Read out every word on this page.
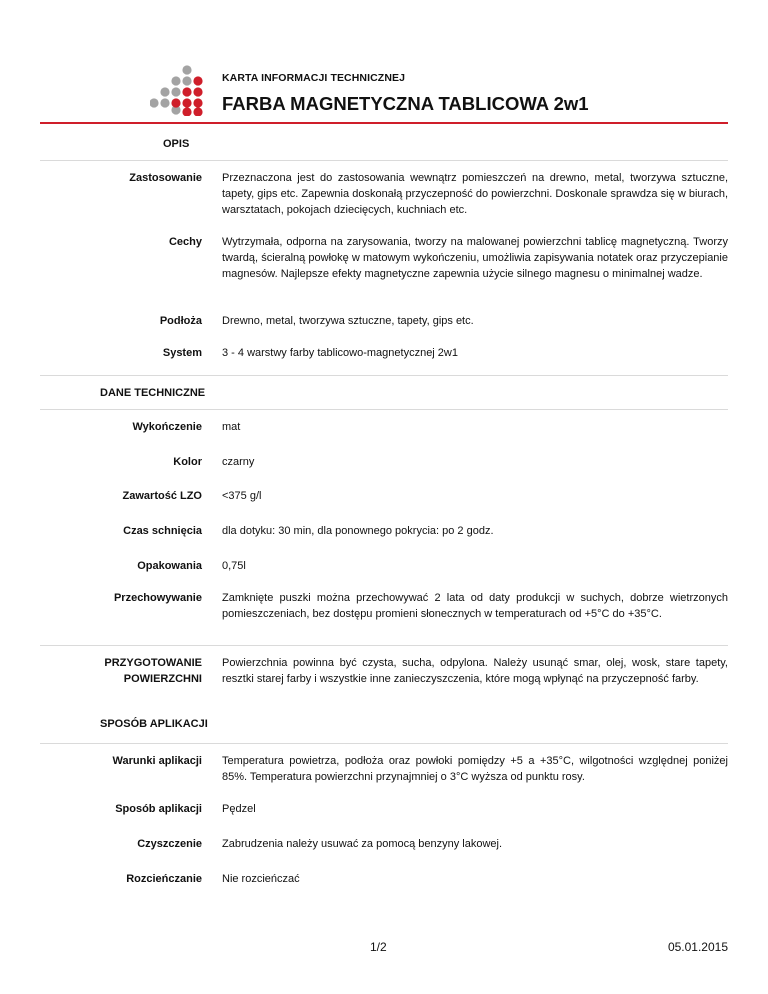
KARTA INFORMACJI TECHNICZNEJ
FARBA MAGNETYCZNA TABLICOWA 2w1
OPIS
Zastosowanie Przeznaczona jest do zastosowania wewnątrz pomieszczeń na drewno, metal, tworzywa sztuczne, tapety, gips etc. Zapewnia doskonałą przyczepność do powierzchni. Doskonale sprawdza się w biurach, warsztatach, pokojach dziecięcych, kuchniach etc.
Cechy Wytrzymała, odporna na zarysowania, tworzy na malowanej powierzchni tablicę magnetyczną. Tworzy twardą, ścieralną powłokę w matowym wykończeniu, umożliwia zapisywania notatek oraz przyczepianie magnesów. Najlepsze efekty magnetyczne zapewnia użycie silnego magnesu o minimalnej wadze.
Podłoża Drewno, metal, tworzywa sztuczne, tapety, gips etc.
System 3 - 4 warstwy farby tablicowo-magnetycznej 2w1
DANE TECHNICZNE
Wykończenie mat
Kolor czarny
Zawartość LZO <375 g/l
Czas schnięcia dla dotyku: 30 min, dla ponownego pokrycia: po 2 godz.
Opakowania 0,75l
Przechowywanie Zamknięte puszki można przechowywać 2 lata od daty produkcji w suchych, dobrze wietrzonych pomieszczeniach, bez dostępu promieni słonecznych w temperaturach od +5°C do +35°C.
PRZYGOTOWANIE POWIERZCHNI
Powierzchnia powinna być czysta, sucha, odpylona. Należy usunąć smar, olej, wosk, stare tapety, resztki starej farby i wszystkie inne zanieczyszczenia, które mogą wpłynąć na przyczepność farby.
SPOSÓB APLIKACJI
Warunki aplikacji Temperatura powietrza, podłoża oraz powłoki pomiędzy +5 a +35°C, wilgotności względnej poniżej 85%. Temperatura powierzchni przynajmniej o 3°C wyższa od punktu rosy.
Sposób aplikacji Pędzel
Czyszczenie Zabrudzenia należy usuwać za pomocą benzyny lakowej.
Rozcieńczanie Nie rozcieńczać
1/2	05.01.2015
